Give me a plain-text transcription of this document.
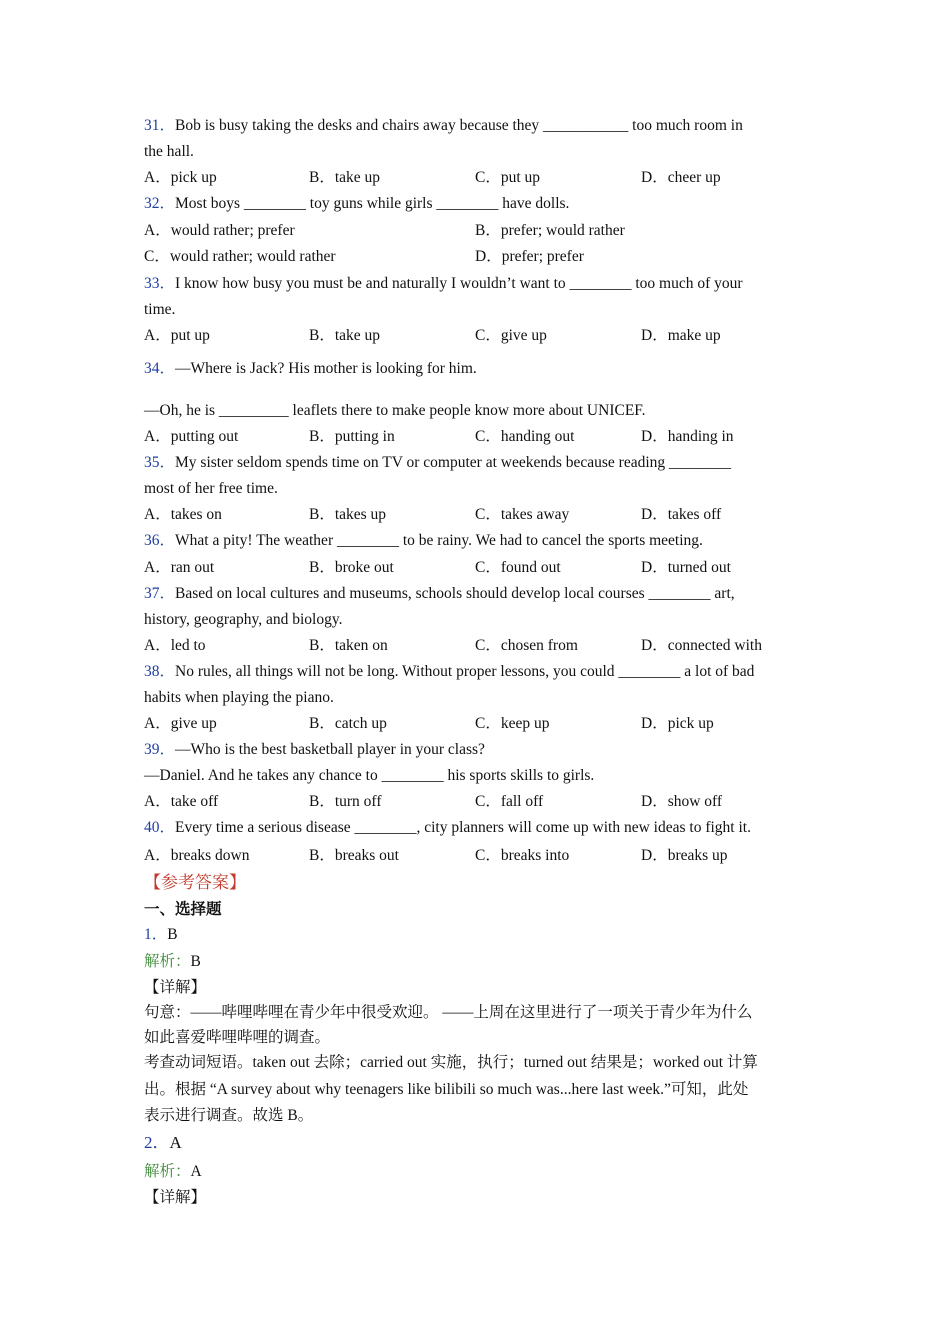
31．Bob is busy taking the desks and chairs away because they ___________ too much room in
the hall.
A．pick up	B．take up	C．put up	D．cheer up
32．Most boys ________ toy guns while girls ________ have dolls.
A．would rather; prefer	B．prefer; would rather
C．would rather; would rather	D．prefer; prefer
33．I know how busy you must be and naturally I wouldn’t want to ________ too much of your
time.
A．put up	B．take up	C．give up	D．make up
34．—Where is Jack? His mother is looking for him.
—Oh, he is _________ leaflets there to make people know more about UNICEF.
A．putting out	B．putting in	C．handing out	D．handing in
35．My sister seldom spends time on TV or computer at weekends because reading ________
most of her free time.
A．takes on	B．takes up	C．takes away	D．takes off
36．What a pity! The weather ________ to be rainy. We had to cancel the sports meeting.
A．ran out	B．broke out	C．found out	D．turned out
37．Based on local cultures and museums, schools should develop local courses ________ art,
history, geography, and biology.
A．led to	B．taken on	C．chosen from	D．connected with
38．No rules, all things will not be long. Without proper lessons, you could ________ a lot of bad
habits when playing the piano.
A．give up	B．catch up	C．keep up	D．pick up
39．—Who is the best basketball player in your class?
—Daniel. And he takes any chance to ________ his sports skills to girls.
A．take off	B．turn off	C．fall off	D．show off
40．Every time a serious disease ________, city planners will come up with new ideas to fight it.
A．breaks down	B．breaks out	C．breaks into	D．breaks up
【参考答案】
一、选择题
1．B
解析：B
【详解】
句意：——哔哩哔哩在青少年中很受欢迎。 ——上周在这里进行了一项关于青少年为什么
如此喜爱哔哩哔哩的调查。
考查动词短语。taken out 去除；carried out 实施，执行；turned out 结果是；worked out 计算
出。根据 “A survey about why teenagers like bilibili so much was...here last week.”可知，此处
表示进行调查。故选 B。
2．A
解析：A
【详解】
